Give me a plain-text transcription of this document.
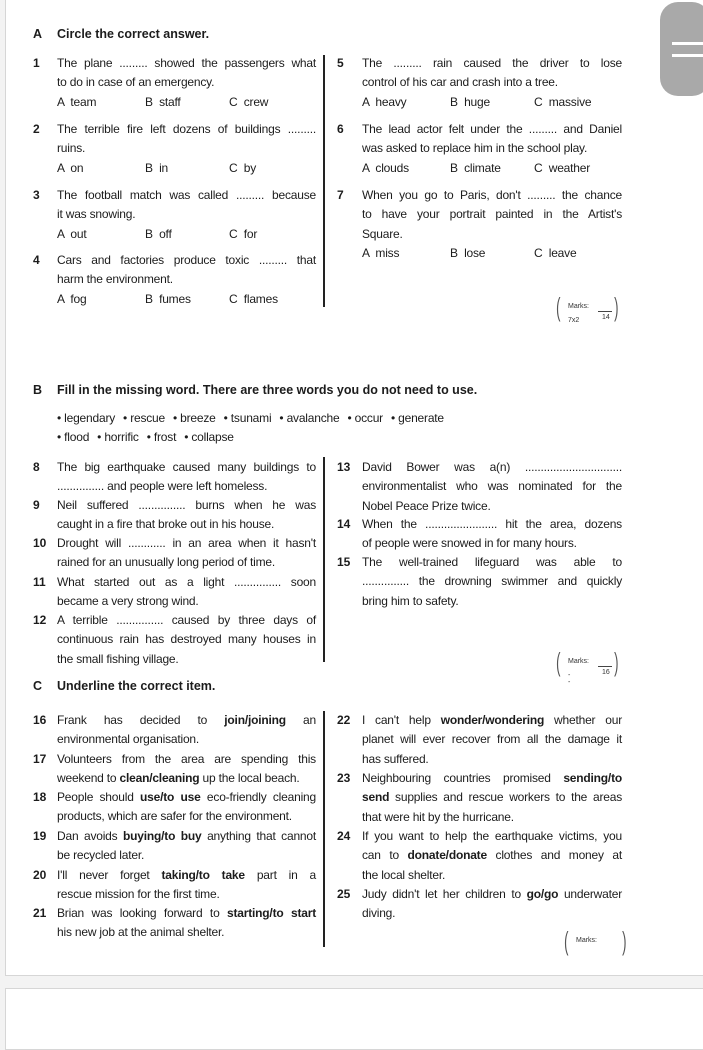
A Circle the correct answer.
1 The plane ......... showed the passengers what
to do in case of an emergency.
A  team	B  staff	C  crew
2 The terrible fire left dozens of buildings .........
ruins.
A  on	B  in	C  by
3 The football match was called ......... because
it was snowing.
A  out	B  off	C  for
4 Cars and factories produce toxic ......... that
harm the environment.
A  fog	B  fumes	C  flames
5 The ......... rain caused the driver to lose
control of his car and crash into a tree.
A  heavy	B  huge	C  massive
6 The lead actor felt under the ......... and Daniel
was asked to replace him in the school play.
A  clouds	B  climate	C  weather
7 When you go to Paris, don't ......... the chance
to have your portrait painted in the Artist's
Square.
A  miss	B  lose	C  leave
( )
Marks:
7x2	14
B Fill in the missing word. There are three words you do not need to use.
• legendary • rescue • breeze • tsunami • avalanche • occur • generate
• flood • horrific • frost • collapse
8 The big earthquake caused many buildings to
............... and people were left homeless.
9 Neil suffered ............... burns when he was
caught in a fire that broke out in his house.
10 Drought will ............ in an area when it hasn't
rained for an unusually long period of time.
11 What started out as a light ............... soon
became a very strong wind.
12 A terrible ............... caused by three days of
continuous rain has destroyed many houses in
the small fishing village.
13 David Bower was a(n) ...............................
environmentalist who was nominated for the
Nobel Peace Prize twice.
14 When the ....................... hit the area, dozens
of people were snowed in for many hours.
15 The well-trained lifeguard was able to
............... the drowning swimmer and quickly
bring him to safety.
( )
Marks:
- -
16
C Underline the correct item.
16 Frank has decided to join/joining an
environmental organisation.
17 Volunteers from the area are spending this
weekend to clean/cleaning up the local beach.
18 People should use/to use eco-friendly cleaning
products, which are safer for the environment.
19 Dan avoids buying/to buy anything that cannot
be recycled later.
20 I'll never forget taking/to take part in a
rescue mission for the first time.
21 Brian was looking forward to starting/to start
his new job at the animal shelter.
22 I can't help wonder/wondering whether our
planet will ever recover from all the damage it
has suffered.
23 Neighbouring countries promised sending/to
send supplies and rescue workers to the areas
that were hit by the hurricane.
24 If you want to help the earthquake victims, you
can to donate/donate clothes and money at
the local shelter.
25 Judy didn't let her children to go/go underwater
diving.
( )
Marks:
